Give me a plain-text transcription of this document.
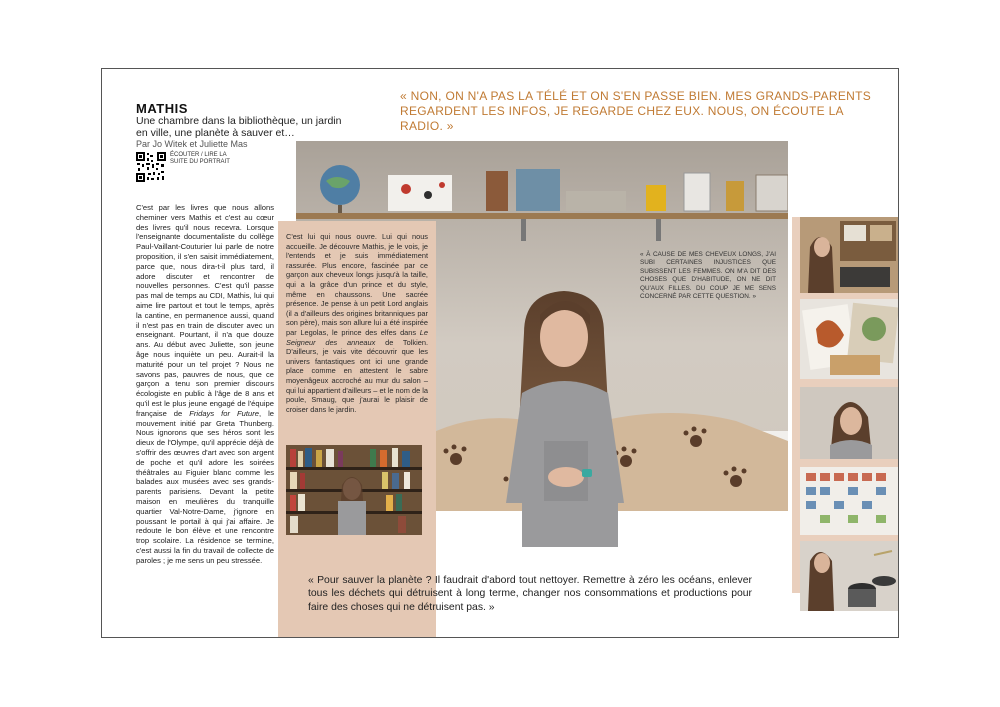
MATHIS
Une chambre dans la bibliothèque, un jardin en ville, une planète à sauver et…
Par Jo Witek et Juliette Mas
ÉCOUTER / LIRE LA SUITE DU PORTRAIT
C'est par les livres que nous allons cheminer vers Mathis et c'est au cœur des livres qu'il nous recevra. Lorsque l'enseignante documentaliste du collège Paul-Vaillant-Couturier lui parle de notre proposition, il s'en saisit immédiatement, parce que, nous dira-t-il plus tard, il adore discuter et rencontrer de nouvelles personnes. C'est qu'il passe pas mal de temps au CDI, Mathis, lui qui aime lire partout et tout le temps, après la cantine, en permanence aussi, quand il n'est pas en train de discuter avec un enseignant. Pourtant, il n'a que douze ans. Au début avec Juliette, son jeune âge nous inquiète un peu. Aurait-il la maturité pour un tel projet ? Nous ne savons pas, pauvres de nous, que ce garçon a tenu son premier discours écologiste en public à l'âge de 8 ans et qu'il est le plus jeune engagé de l'équipe française de Fridays for Future, le mouvement initié par Greta Thunberg. Nous ignorons que ses héros sont les dieux de l'Olympe, qu'il apprécie déjà de s'offrir des œuvres d'art avec son argent de poche et qu'il adore les soirées théâtrales au Figuier blanc comme les balades aux musées avec ses grands-parents parisiens. Devant la petite maison en meulières du tranquille quartier Val-Notre-Dame, j'ignore en poussant le portail à qui j'ai affaire. Je redoute le bon élève et une rencontre trop scolaire. La résidence se termine, c'est aussi la fin du travail de collecte de paroles ; je me sens un peu stressée.
« NON, ON N'A PAS LA TÉLÉ ET ON S'EN PASSE BIEN. MES GRANDS-PARENTS REGARDENT LES INFOS, JE REGARDE CHEZ EUX. NOUS, ON ÉCOUTE LA RADIO. »
C'est lui qui nous ouvre. Lui qui nous accueille. Je découvre Mathis, je le vois, je l'entends et je suis immédiatement rassurée. Plus encore, fascinée par ce garçon aux cheveux longs jusqu'à la taille, qui a la grâce d'un prince et du style, même en chaussons. Une sacrée présence. Je pense à un petit Lord anglais (il a d'ailleurs des origines britanniques par son père), mais son allure lui a été inspirée par Legolas, le prince des elfes dans Le Seigneur des anneaux de Tolkien. D'ailleurs, je vais vite découvrir que les univers fantastiques ont ici une grande place comme en attestent le sabre moyenâgeux accroché au mur du salon – qui lui appartient d'ailleurs – et le nom de la poule, Smaug, que j'aurai le plaisir de croiser dans le jardin.
« À CAUSE DE MES CHEVEUX LONGS, J'AI SUBI CERTAINES INJUSTICES QUE SUBISSENT LES FEMMES. ON M'A DIT DES CHOSES QUE D'HABITUDE, ON NE DIT QU'AUX FILLES. DU COUP JE ME SENS CONCERNÉ PAR CETTE QUESTION. »
« Pour sauver la planète ? Il faudrait d'abord tout nettoyer. Remettre à zéro les océans, enlever tous les déchets qui détruisent à long terme, changer nos consommations et productions pour faire des choses qui ne détruisent pas. »
